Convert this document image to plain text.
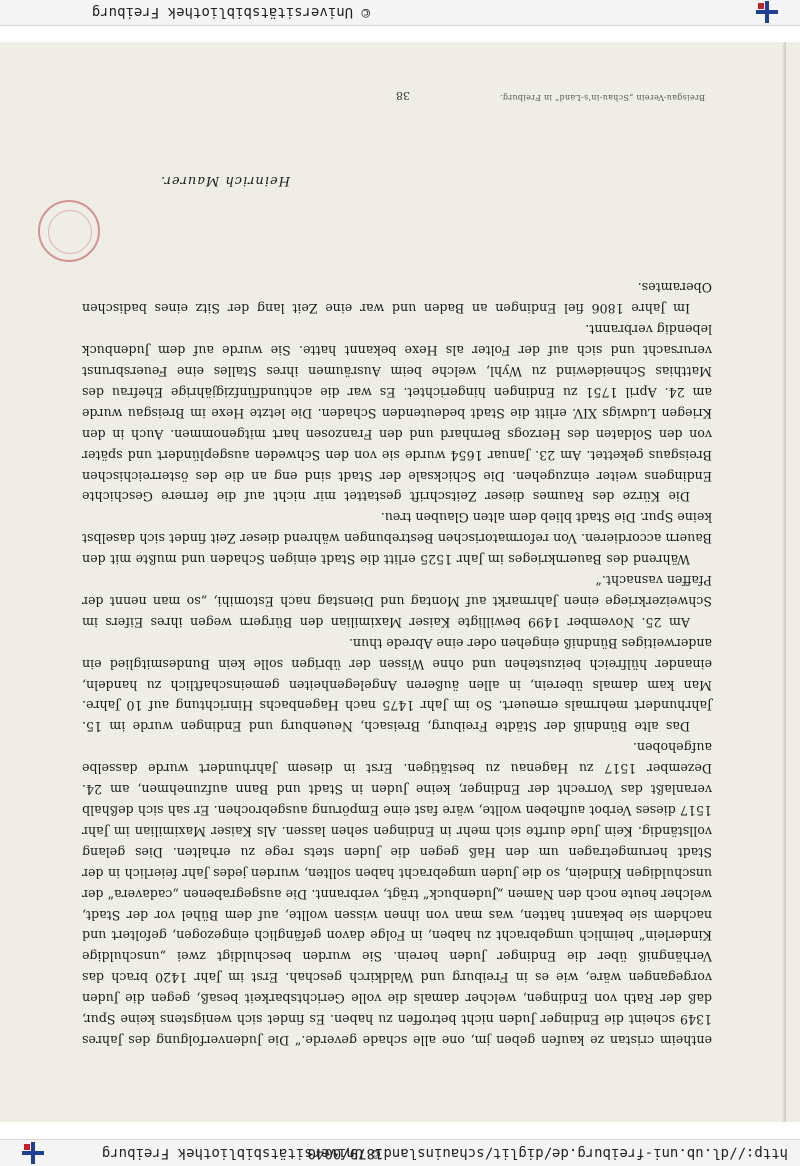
http://dl.ub.uni-freiburg.de/diglit/schauinsland1879/0040
© Universitätsbibliothek Freiburg

entheim cristan ze kaufen geben jm, one alle schade geverde.“ Die Judenverfolgung des Jahres 1349 scheint die Endinger Juden nicht betroffen zu haben. Es findet sich wenigstens keine Spur, daß der Rath von Endingen, welcher damals die volle Gerichtsbarkeit besaß, gegen die Juden vorgegangen wäre, wie es in Freiburg und Waldkirch geschah. Erst im Jahr 1420 brach das Verhängniß über die Endinger Juden herein. Sie wurden beschuldigt zwei „unschuldige Kinderlein“ heimlich umgebracht zu haben, in Folge davon gefänglich eingezogen, gefoltert und nachdem sie bekannt hatten, was man von ihnen wissen wollte, auf dem Bühel vor der Stadt, welcher heute noch den Namen „Judenbuck“ trägt, verbrannt. Die ausgegrabenen „cadavera“ der unschuldigen Kindlein, so die Juden umgebracht haben sollten, wurden jedes Jahr feierlich in der Stadt herumgetragen um den Haß gegen die Juden stets rege zu erhalten. Dies gelang vollständig. Kein Jude durfte sich mehr in Endingen sehen lassen. Als Kaiser Maximilian im Jahr 1517 dieses Verbot aufheben wollte, wäre fast eine Empörung ausgebrochen. Er sah sich deßhalb veranlaßt das Vorrecht der Endinger, keine Juden in Stadt und Bann aufzunehmen, am 24. Dezember 1517 zu Hagenau zu bestätigen. Erst in diesem Jahrhundert wurde dasselbe aufgehoben.

Das alte Bündniß der Städte Freiburg, Breisach, Neuenburg und Endingen wurde im 15. Jahrhundert mehrmals erneuert. So im Jahr 1475 nach Hagenbachs Hinrichtung auf 10 Jahre. Man kam damals überein, in allen äußeren Angelegenheiten gemeinschaftlich zu handeln, einander hülfreich beizustehen und ohne Wissen der übrigen solle kein Bundesmitglied ein anderweitiges Bündniß eingehen oder eine Abrede thun.

Am 25. November 1499 bewilligte Kaiser Maximilian den Bürgern wegen ihres Eifers im Schweizerkriege einen Jahrmarkt auf Montag und Dienstag nach Estomihi, „so man nennt der Pfaffen vasnacht.“

Während des Bauernkrieges im Jahr 1525 erlitt die Stadt einigen Schaden und mußte mit den Bauern accordieren. Von reformatorischen Bestrebungen während dieser Zeit findet sich daselbst keine Spur. Die Stadt blieb dem alten Glauben treu.

Die Kürze des Raumes dieser Zeitschrift gestattet mir nicht auf die fernere Geschichte Endingens weiter einzugehen. Die Schicksale der Stadt sind eng an die des österreichischen Breisgaus gekettet. Am 23. Januar 1654 wurde sie von den Schweden ausgeplündert und später von den Soldaten des Herzogs Bernhard und den Franzosen hart mitgenommen. Auch in den Kriegen Ludwigs XIV. erlitt die Stadt bedeutenden Schaden. Die letzte Hexe im Breisgau wurde am 24. April 1751 zu Endingen hingerichtet. Es war die achtundfünfzigjährige Ehefrau des Matthias Schneidewind zu Wyhl, welche beim Ausräumen ihres Stalles eine Feuersbrunst verursacht und sich auf der Folter als Hexe bekannt hatte. Sie wurde auf dem Judenbuck lebendig verbrannt.

Im Jahre 1806 fiel Endingen an Baden und war eine Zeit lang der Sitz eines badischen Oberamtes.

Heinrich Maurer.
Breisgau-Verein „Schau-in’s-Land“ in Freiburg.
38
© Universitätsbibliothek Freiburg
